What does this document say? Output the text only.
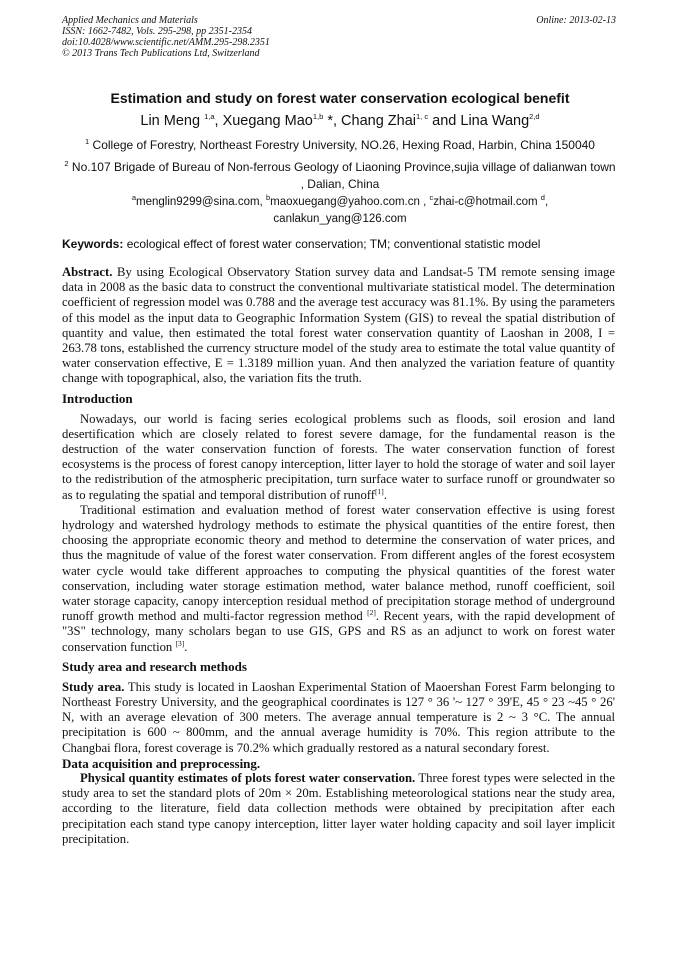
Applied Mechanics and Materials
ISSN: 1662-7482, Vols. 295-298, pp 2351-2354
doi:10.4028/www.scientific.net/AMM.295-298.2351
© 2013 Trans Tech Publications Ltd, Switzerland
Online: 2013-02-13
Estimation and study on forest water conservation ecological benefit
Lin Meng $^{1,a}$, Xuegang Mao$^{1,b}$ *, Chang Zhai$^{1, c}$ and Lina Wang$^{2,d}$
$^1$ College of Forestry, Northeast Forestry University, NO.26, Hexing Road, Harbin, China 150040
$^2$ No.107 Brigade of Bureau of Non-ferrous Geology of Liaoning Province,sujia village of dalianwan town , Dalian, China
$^a$menglin9299@sina.com, $^b$maoxuegang@yahoo.com.cn , $^c$zhai-c@hotmail.com $^d$,
canlakun_yang@126.com
Keywords: ecological effect of forest water conservation; TM; conventional statistic model

Abstract. By using Ecological Observatory Station survey data and Landsat-5 TM remote sensing image data in 2008 as the basic data to construct the conventional multivariate statistical model. The determination coefficient of regression model was 0.788 and the average test accuracy was 81.1%. By using the parameters of this model as the input data to Geographic Information System (GIS) to reveal the spatial distribution of quantity and value, then estimated the total forest water conservation quantity of Laoshan in 2008, I = 263.78 tons, established the currency structure model of the study area to estimate the total value quantity of water conservation effective, E = 1.3189 million yuan. And then analyzed the variation feature of quantity change with topographical, also, the variation fits the truth.

Introduction

Nowadays, our world is facing series ecological problems such as floods, soil erosion and land desertification which are closely related to forest severe damage, for the fundamental reason is the destruction of the water conservation function of forests. The water conservation function of forest ecosystems is the process of forest canopy interception, litter layer to hold the storage of water and soil layer to the redistribution of the atmospheric precipitation, turn surface water to surface runoff or groundwater so as to regulating the spatial and temporal distribution of runoff[1].

Traditional estimation and evaluation method of forest water conservation effective is using forest hydrology and watershed hydrology methods to estimate the physical quantities of the entire forest, then choosing the appropriate economic theory and method to determine the conservation of water prices, and thus the magnitude of value of the forest water conservation. From different angles of the forest ecosystem water cycle would take different approaches to computing the physical quantities of the forest water conservation, including water storage estimation method, water balance method, runoff coefficient, soil water storage capacity, canopy interception residual method of precipitation storage method of underground runoff growth method and multi-factor regression method [2]. Recent years, with the rapid development of "3S" technology, many scholars began to use GIS, GPS and RS as an adjunct to work on forest water conservation function [3].

Study area and research methods

Study area. This study is located in Laoshan Experimental Station of Maoershan Forest Farm belonging to Northeast Forestry University, and the geographical coordinates is 127 ° 36 '~ 127 ° 39'E, 45 ° 23 ~45 ° 26' N, with an average elevation of 300 meters. The average annual temperature is 2 ~ 3 °C. The annual precipitation is 600 ~ 800mm, and the annual average humidity is 70%. This region attribute to the Changbai flora, forest coverage is 70.2% which gradually restored as a natural secondary forest.

Data acquisition and preprocessing.

Physical quantity estimates of plots forest water conservation. Three forest types were selected in the study area to set the standard plots of 20m × 20m. Establishing meteorological stations near the study area, according to the literature, field data collection methods were obtained by precipitation after each precipitation each stand type canopy interception, litter layer water holding capacity and soil layer implicit precipitation.
